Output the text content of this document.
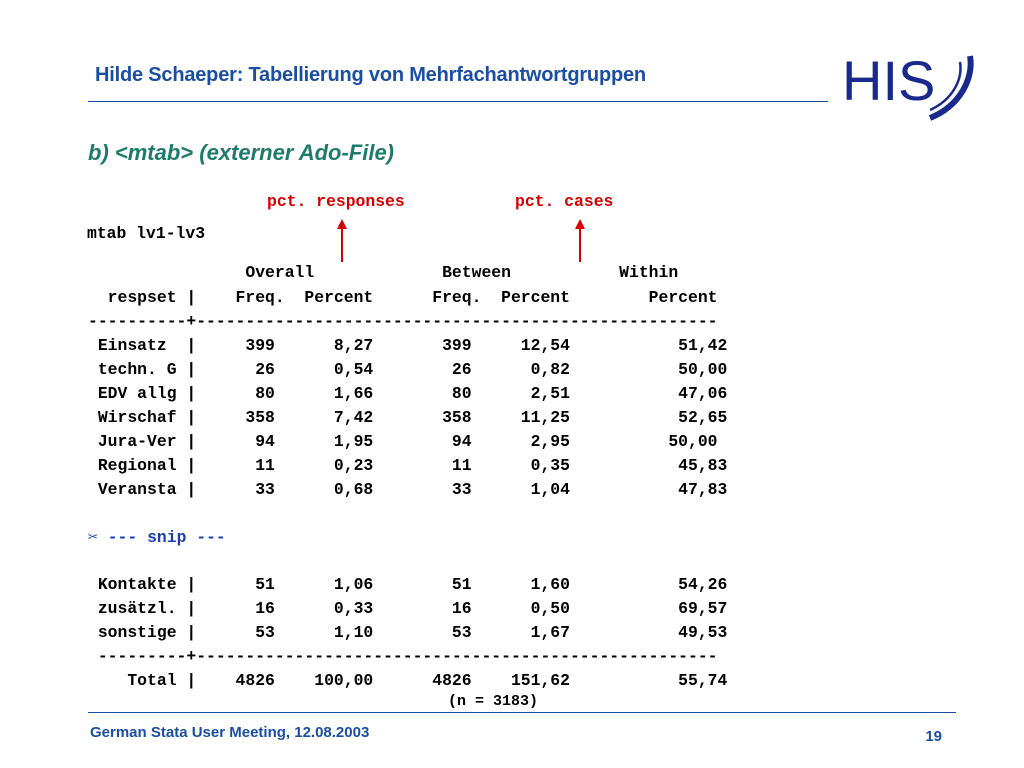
Hilde Schaeper: Tabellierung von Mehrfachantwortgruppen	HIS
b) <mtab> (externer Ado-File)
pct. responses	pct. cases
mtab lv1-lv3
Overall             Between           Within
respset |    Freq.  Percent      Freq.  Percent        Percent
----------+-----------------------------------------------------
Einsatz  |     399      8,27       399     12,54           51,42
techn. G |      26      0,54        26      0,82           50,00
EDV allg |      80      1,66        80      2,51           47,06
Wirschaf |     358      7,42       358     11,25           52,65
Jura-Ver |      94      1,95        94      2,95          50,00
Regional |      11      0,23        11      0,35           45,83
Veransta |      33      0,68        33      1,04           47,83
✂ --- snip ---
Kontakte |      51      1,06        51      1,60           54,26
zusätzl. |      16      0,33        16      0,50           69,57
sonstige |      53      1,10        53      1,67           49,53
---------+-----------------------------------------------------
Total |    4826    100,00      4826    151,62           55,74
(n = 3183)
German Stata User Meeting, 12.08.2003	19
